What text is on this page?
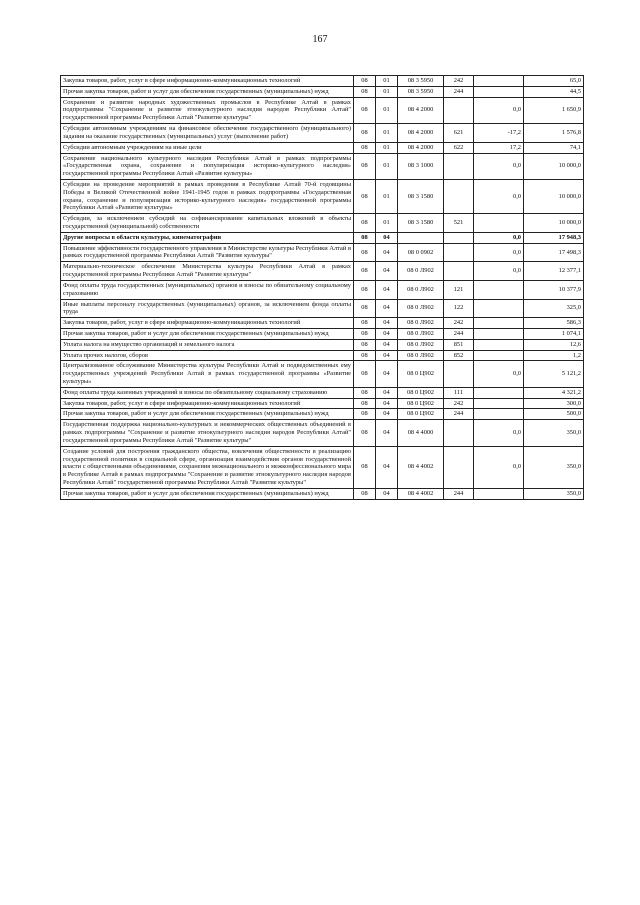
167
Закупка товаров, работ, услуг в сфере информационно-коммуникационных технологий	08	01	08 3 5950	242		65,0
Прочая закупка товаров, работ и услуг для обеспечения государственных (муниципальных) нужд	08	01	08 3 5950	244		44,5
Сохранение и развитие народных художественных промыслов в Республике Алтай в рамках подпрограммы "Сохранение и развитие этнокультурного наследия народов Республики Алтай" государственной программы Республики Алтай "Развитие культуры"	08	01	08 4 2000		0,0	1 650,9
Субсидии автономным учреждениям на финансовое обеспечение государственного (муниципального) задания на оказание государственных (муниципальных) услуг (выполнение работ)	08	01	08 4 2000	621	-17,2	1 576,8
Субсидии автономным учреждениям на иные цели	08	01	08 4 2000	622	17,2	74,1
Сохранение национального культурного наследия Республики Алтай в рамках подпрограммы «Государственная охрана, сохранение и популяризация историко-культурного наследия» государственной программы Республики Алтай «Развитие культуры»	08	01	08 3 1000		0,0	10 000,0
Субсидии на проведение мероприятий в рамках проведения в Республике Алтай 70-й годовщины Победы в Великой Отечественной войне 1941-1945 годов в рамках подпрограммы «Государственная охрана, сохранение и популяризация историко-культурного наследия» государственной программы Республики Алтай «Развитие культуры»	08	01	08 3 1580		0,0	10 000,0
Субсидии, за исключением субсидий на софинансирование капитальных вложений в объекты государственной (муниципальной) собственности	08	01	08 3 1580	521		10 000,0
Другие вопросы в области культуры, кинематографии	08	04			0,0	17 948,3
Повышение эффективности государственного управления в Министерстве культуры Республики Алтай в рамках государственной программы Республики Алтай "Развитие культуры"	08	04	08 0 0902		0,0	17 498,3
Материально-техническое обеспечение Министерства культуры Республики Алтай в рамках государственной программы Республики Алтай "Развитие культуры"	08	04	08 0 Л902		0,0	12 377,1
Фонд оплаты труда государственных (муниципальных) органов и взносы по обязательному социальному страхованию	08	04	08 0 Л902	121		10 377,9
Иные выплаты персоналу государственных (муниципальных) органов, за исключением фонда оплаты труда	08	04	08 0 Л902	122		325,0
Закупка товаров, работ, услуг в сфере информационно-коммуникационных технологий	08	04	08 0 Л902	242		586,3
Прочая закупка товаров, работ и услуг для обеспечения государственных (муниципальных) нужд	08	04	08 0 Л902	244		1 074,1
Уплата налога на имущество организаций и земельного налога	08	04	08 0 Л902	851		12,6
Уплата прочих налогов, сборов	08	04	08 0 Л902	852		1,2
Централизованное обслуживание Министерства культуры Республики Алтай и подведомственных ему государственных учреждений Республики Алтай в рамках государственной программы «Развитие культуры»	08	04	08 0 Ц902		0,0	5 121,2
Фонд оплаты труда казенных учреждений и взносы по обязательному социальному страхованию	08	04	08 0 Ц902	111		4 321,2
Закупка товаров, работ, услуг в сфере информационно-коммуникационных технологий	08	04	08 0 Ц902	242		300,0
Прочая закупка товаров, работ и услуг для обеспечения государственных (муниципальных) нужд	08	04	08 0 Ц902	244		500,0
Государственная поддержка национально-культурных и некоммерческих общественных объединений в рамках подпрограммы "Сохранение и развитие этнокультурного наследия народов Республики Алтай" государственной программы Республики Алтай "Развитие культуры"	08	04	08 4 4000		0,0	350,0
Создание условий для построения гражданского общества, вовлечения общественности в реализацию государственной политики в социальной сфере, организация взаимодействия органов государственной власти с общественными объединениями, сохранения межнационального и межконфессионального мира в Республике Алтай в рамках подпрограммы "Сохранение и развитие этнокультурного наследия народов Республики Алтай" государственной программы Республики Алтай "Развитие культуры"	08	04	08 4 4002		0,0	350,0
Прочая закупка товаров, работ и услуг для обеспечения государственных (муниципальных) нужд	08	04	08 4 4002	244		350,0
